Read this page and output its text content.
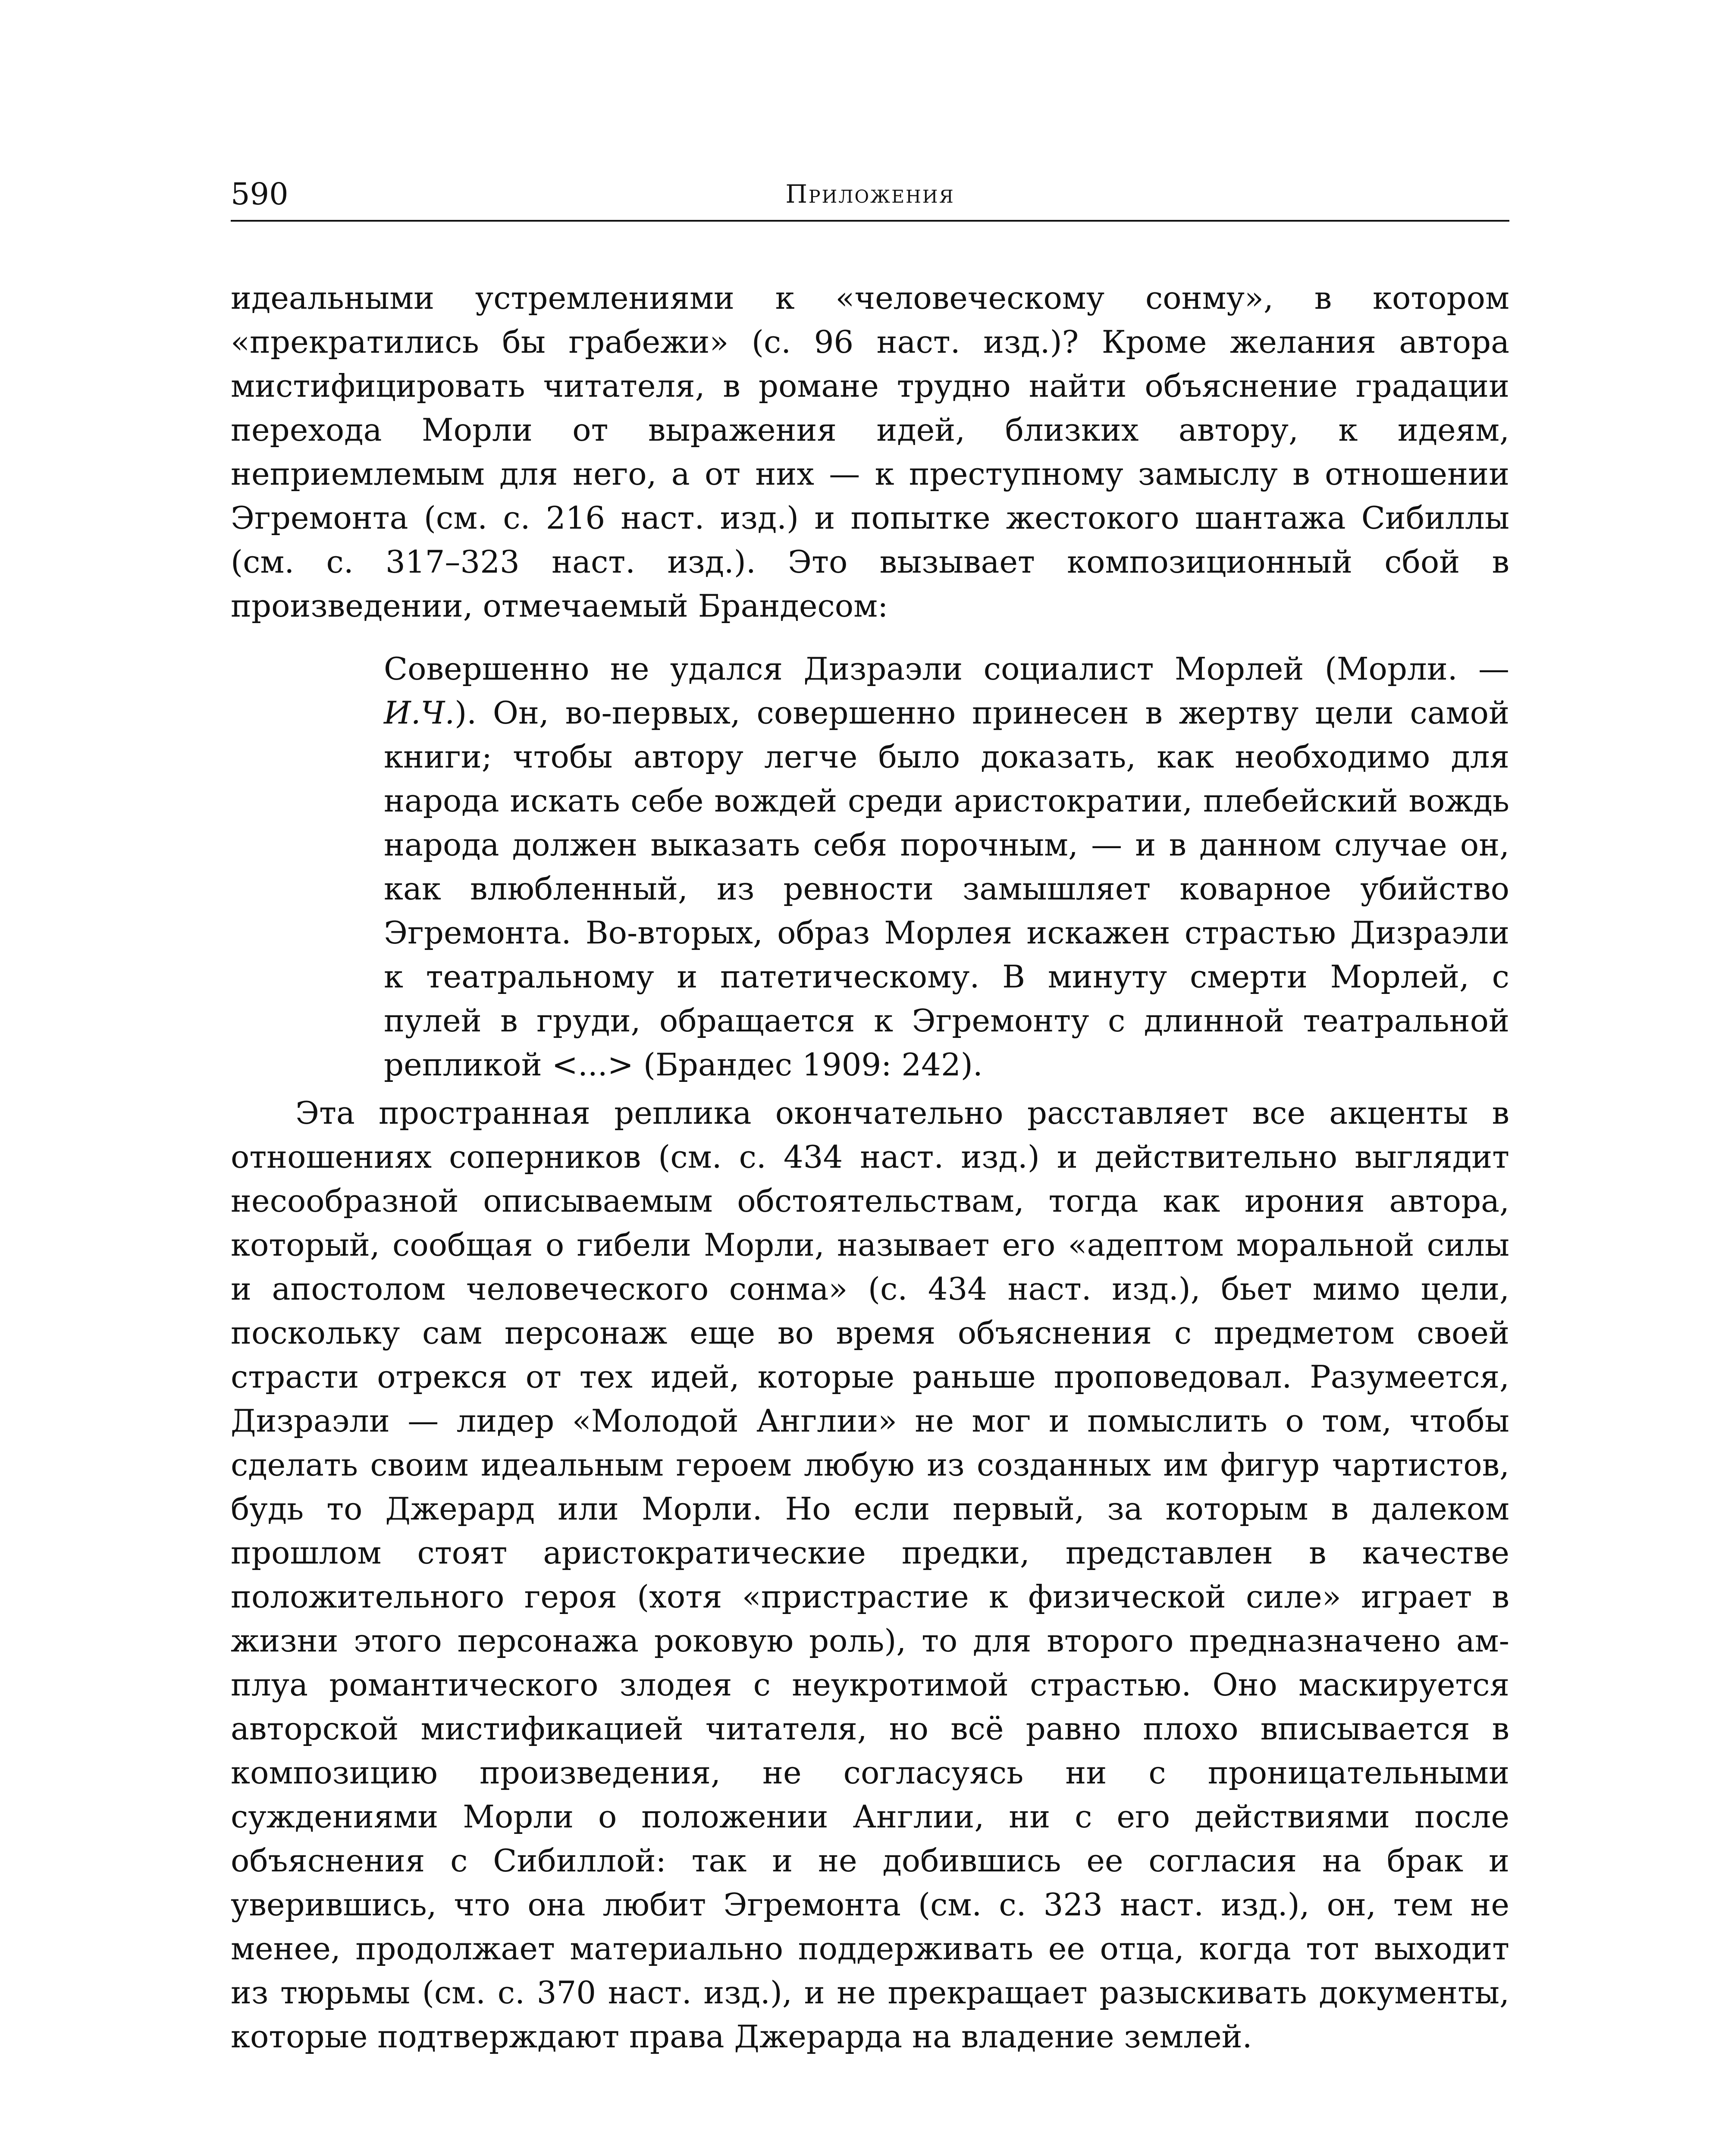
590	Приложения

идеальными устремлениями к «человеческому сонму», в котором «прекратились бы грабежи» (с. 96 наст. изд.)? Кроме желания автора мистифицировать читателя, в романе трудно найти объяснение градации перехода Морли от выражения идей, близких автору, к идеям, неприемлемым для него, а от них — к преступному замыслу в отношении Эгремонта (см. с. 216 наст. изд.) и попытке жестокого шантажа Сибиллы (см. с. 317–323 наст. изд.). Это вызывает композиционный сбой в произведении, отмечаемый Брандесом:

Совершенно не удался Дизраэли социалист Морлей (Морли. — И.Ч.). Он, во-первых, совершенно принесен в жертву цели самой книги; чтобы автору легче было доказать, как необходимо для народа искать себе вождей среди аристократии, плебейский вождь народа должен выказать себя порочным, — и в данном случае он, как влюбленный, из ревности замышляет коварное убийство Эгремонта. Во-вторых, образ Морлея искажен страстью Дизраэли к театральному и патетическому. В минуту смерти Морлей, с пулей в груди, обращается к Эгремонту с длинной театральной репликой <...> (Брандес 1909: 242).

Эта пространная реплика окончательно расставляет все акценты в отношениях соперников (см. с. 434 наст. изд.) и действительно выглядит несообразной описываемым обстоятельствам, тогда как ирония автора, который, сообщая о гибели Морли, называет его «адептом моральной силы и апостолом человеческого сонма» (с. 434 наст. изд.), бьет мимо цели, поскольку сам персонаж еще во время объяснения с предметом своей страсти отрекся от тех идей, которые раньше проповедовал. Разумеется, Дизраэли — лидер «Молодой Англии» не мог и помыслить о том, чтобы сделать своим идеальным героем любую из созданных им фигур чартистов, будь то Джерард или Морли. Но если первый, за которым в далеком прошлом стоят аристократические предки, представлен в качестве положительного героя (хотя «пристрастие к физической силе» играет в жизни этого персонажа роковую роль), то для второго предназначено амплуа романтического злодея с неукротимой страстью. Оно маскируется авторской мистификацией читателя, но всё равно плохо вписывается в композицию произведения, не согласуясь ни с проницательными суждениями Морли о положении Англии, ни с его действиями после объяснения с Сибиллой: так и не добившись ее согласия на брак и уверившись, что она любит Эгремонта (см. с. 323 наст. изд.), он, тем не менее, продолжает материально поддерживать ее отца, когда тот выходит из тюрьмы (см. с. 370 наст. изд.), и не прекращает разыскивать документы, которые подтверждают права Джерарда на владение землей.
